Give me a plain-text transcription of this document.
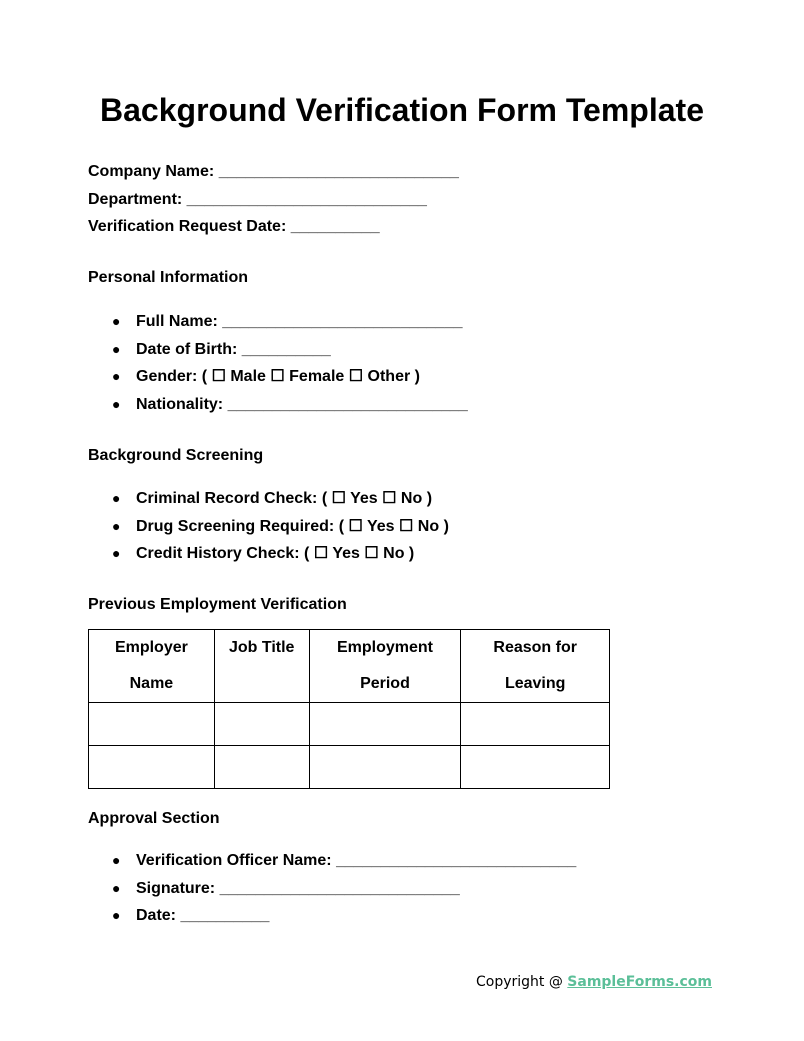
Background Verification Form Template
Company Name: ___________________________
Department: ___________________________
Verification Request Date: __________
Personal Information
● Full Name: ___________________________
● Date of Birth: __________
● Gender: ( ☐ Male ☐ Female ☐ Other )
● Nationality: ___________________________
Background Screening
● Criminal Record Check: ( ☐ Yes ☐ No )
● Drug Screening Required: ( ☐ Yes ☐ No )
● Credit History Check: ( ☐ Yes ☐ No )
Previous Employment Verification
Employer Name	Job Title	Employment Period	Reason for Leaving

Approval Section
● Verification Officer Name: ___________________________
● Signature: ___________________________
● Date: __________
Copyright @ SampleForms.com
